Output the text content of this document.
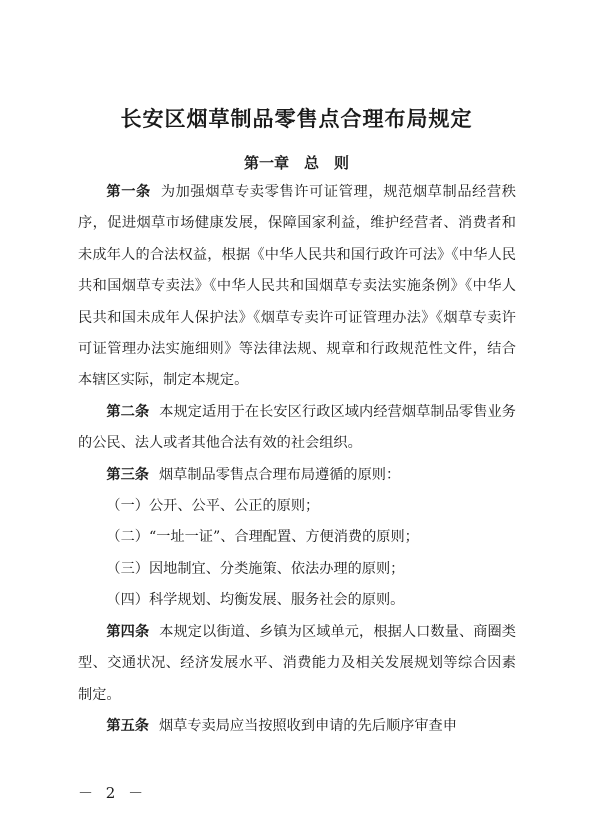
长安区烟草制品零售点合理布局规定
第一章　总　则

第一条 为加强烟草专卖零售许可证管理，规范烟草制品经营秩序，促进烟草市场健康发展，保障国家利益，维护经营者、消费者和未成年人的合法权益，根据《中华人民共和国行政许可法》《中华人民共和国烟草专卖法》《中华人民共和国烟草专卖法实施条例》《中华人民共和国未成年人保护法》《烟草专卖许可证管理办法》《烟草专卖许可证管理办法实施细则》等法律法规、规章和行政规范性文件，结合本辖区实际，制定本规定。

第二条 本规定适用于在长安区行政区域内经营烟草制品零售业务的公民、法人或者其他合法有效的社会组织。

第三条 烟草制品零售点合理布局遵循的原则：

（一）公开、公平、公正的原则；

（二）“一址一证”、合理配置、方便消费的原则；

（三）因地制宜、分类施策、依法办理的原则；

（四）科学规划、均衡发展、服务社会的原则。

第四条 本规定以街道、乡镇为区域单元，根据人口数量、商圈类型、交通状况、经济发展水平、消费能力及相关发展规划等综合因素制定。

第五条 烟草专卖局应当按照收到申请的先后顺序审查申

－ 2 －
